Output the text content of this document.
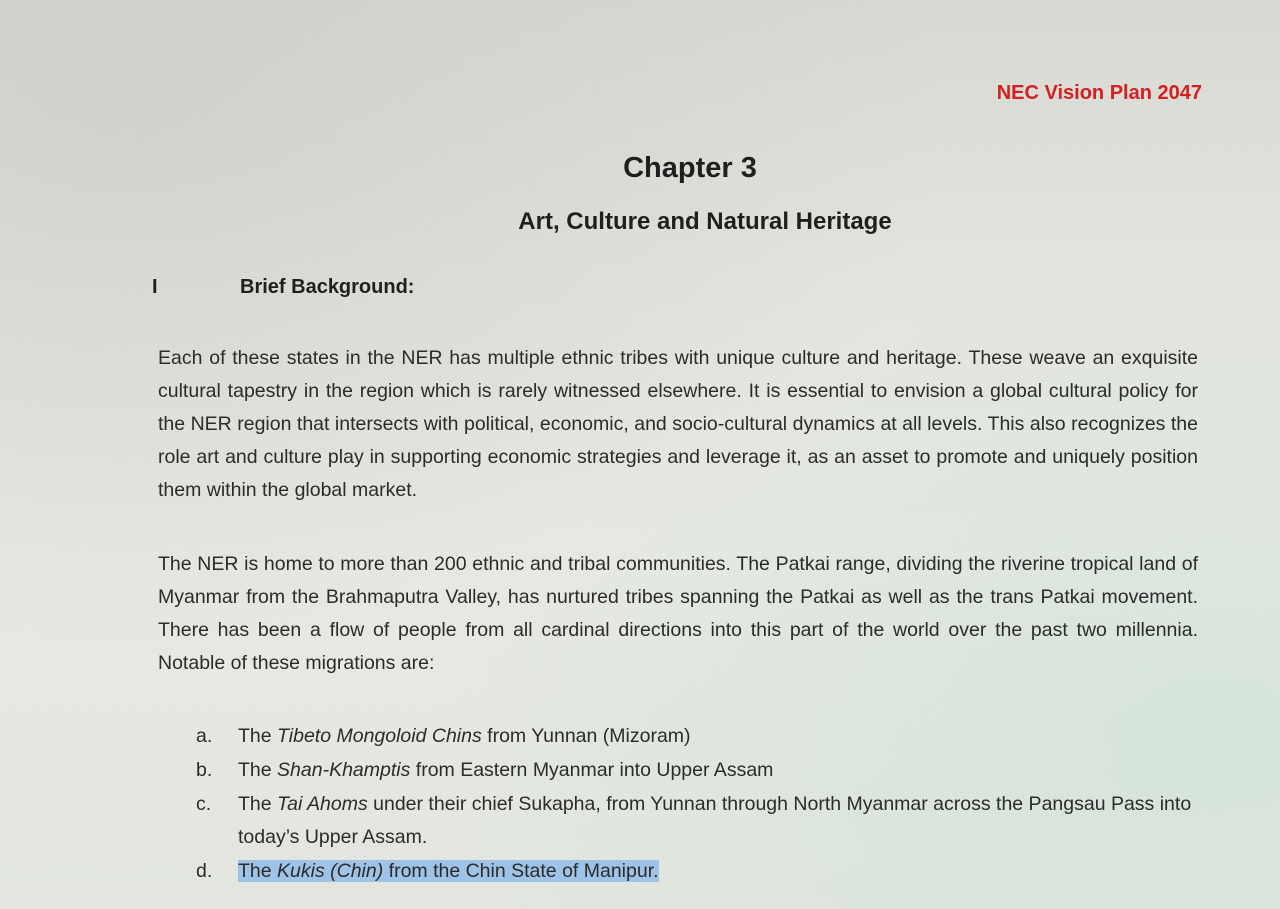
NEC Vision Plan 2047
Chapter 3
Art, Culture and Natural Heritage
I	Brief Background:

Each of these states in the NER has multiple ethnic tribes with unique culture and heritage. These weave an exquisite cultural tapestry in the region which is rarely witnessed elsewhere. It is essential to envision a global cultural policy for the NER region that intersects with political, economic, and socio-cultural dynamics at all levels. This also recognizes the role art and culture play in supporting economic strategies and leverage it, as an asset to promote and uniquely position them within the global market.

The NER is home to more than 200 ethnic and tribal communities. The Patkai range, dividing the riverine tropical land of Myanmar from the Brahmaputra Valley, has nurtured tribes spanning the Patkai as well as the trans Patkai movement. There has been a flow of people from all cardinal directions into this part of the world over the past two millennia. Notable of these migrations are:

a.	The Tibeto Mongoloid Chins from Yunnan (Mizoram)
b.	The Shan-Khamptis from Eastern Myanmar into Upper Assam
c.	The Tai Ahoms under their chief Sukapha, from Yunnan through North Myanmar across the Pangsau Pass into today’s Upper Assam.
d.	The Kukis (Chin) from the Chin State of Manipur.
